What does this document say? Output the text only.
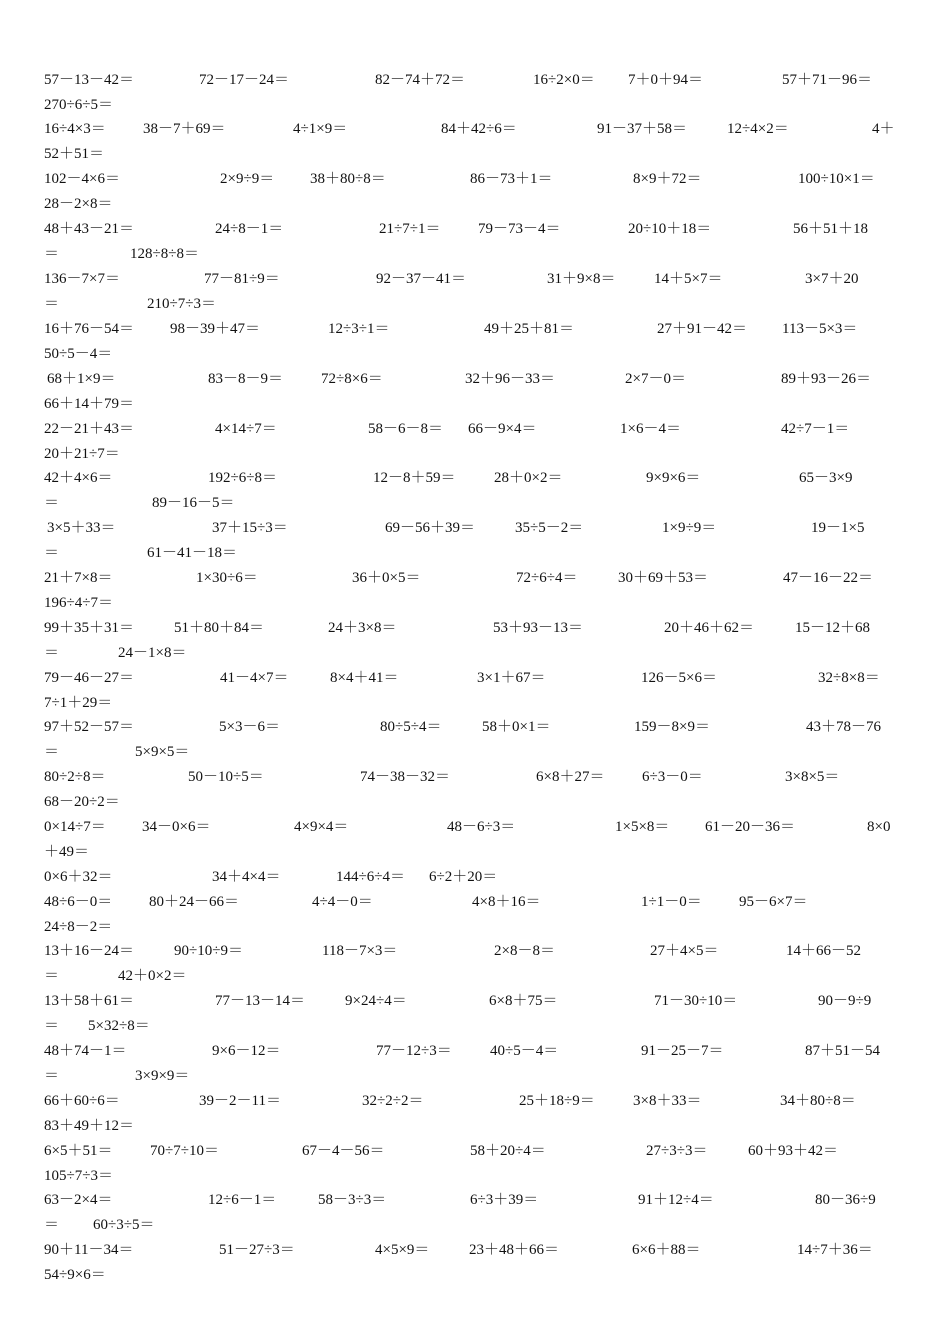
57－13－42＝	72－17－24＝	82－74＋72＝	16÷2×0＝ 7＋0＋94＝	57＋71－96＝
270÷6÷5＝
16÷4×3＝ 38－7＋69＝	4÷1×9＝	84＋42÷6＝	91－37＋58＝	12÷4×2＝	4＋
52＋51＝
102－4×6＝	2×9÷9＝ 38＋80÷8＝	86－73＋1＝	8×9＋72＝	100÷10×1＝
28－2×8＝
48＋43－21＝	24÷8－1＝	21÷7÷1＝	79－73－4＝	20÷10＋18＝	56＋51＋18
＝	128÷8÷8＝
136－7×7＝	77－81÷9＝	92－37－41＝	31＋9×8＝	14＋5×7＝	3×7＋20
＝	210÷7÷3＝
16＋76－54＝ 98－39＋47＝	12÷3÷1＝	49＋25＋81＝	27＋91－42＝ 113－5×3＝
50÷5－4＝
68＋1×9＝	83－8－9＝	72÷8×6＝	32＋96－33＝	2×7－0＝	89＋93－26＝
66＋14＋79＝
22－21＋43＝	4×14÷7＝	58－6－8＝ 66－9×4＝	1×6－4＝	42÷7－1＝
20＋21÷7＝
42＋4×6＝	192÷6÷8＝	12－8＋59＝	28＋0×2＝	9×9×6＝	65－3×9
＝	89－16－5＝
3×5＋33＝	37＋15÷3＝	69－56＋39＝	35÷5－2＝	1×9÷9＝	19－1×5
＝	61－41－18＝
21＋7×8＝	1×30÷6＝	36＋0×5＝	72÷6÷4＝	30＋69＋53＝	47－16－22＝
196÷4÷7＝
99＋35＋31＝	51＋80＋84＝	24＋3×8＝	53＋93－13＝	20＋46＋62＝	15－12＋68
＝	24－1×8＝
79－46－27＝	41－4×7＝	8×4＋41＝	3×1＋67＝	126－5×6＝	32÷8×8＝
7÷1＋29＝
97＋52－57＝	5×3－6＝	80÷5÷4＝	58＋0×1＝	159－8×9＝	43＋78－76
＝	5×9×5＝
80÷2÷8＝	50－10÷5＝	74－38－32＝	6×8＋27＝	6÷3－0＝	3×8×5＝
68－20÷2＝
0×14÷7＝ 34－0×6＝	4×9×4＝	48－6÷3＝	1×5×8＝ 61－20－36＝	8×0
＋49＝
0×6＋32＝	34＋4×4＝	144÷6÷4＝ 6÷2＋20＝
48÷6－0＝ 80＋24－66＝	4÷4－0＝	4×8＋16＝	1÷1－0＝ 95－6×7＝
24÷8－2＝
13＋16－24＝	90÷10÷9＝	118－7×3＝	2×8－8＝	27＋4×5＝	14＋66－52
＝	42＋0×2＝
13＋58＋61＝	77－13－14＝	9×24÷4＝	6×8＋75＝	71－30÷10＝	90－9÷9
＝ 5×32÷8＝
48＋74－1＝	9×6－12＝	77－12÷3＝	40÷5－4＝	91－25－7＝	87＋51－54
＝	3×9×9＝
66＋60÷6＝	39－2－11＝	32÷2÷2＝	25＋18÷9＝	3×8＋33＝	34＋80÷8＝
83＋49＋12＝
6×5＋51＝	70÷7÷10＝	67－4－56＝	58＋20÷4＝	27÷3÷3＝	60＋93＋42＝
105÷7÷3＝
63－2×4＝	12÷6－1＝	58－3÷3＝	6÷3＋39＝	91＋12÷4＝	80－36÷9
＝ 60÷3÷5＝
90＋11－34＝	51－27÷3＝	4×5×9＝	23＋48＋66＝	6×6＋88＝	14÷7＋36＝
54÷9×6＝
